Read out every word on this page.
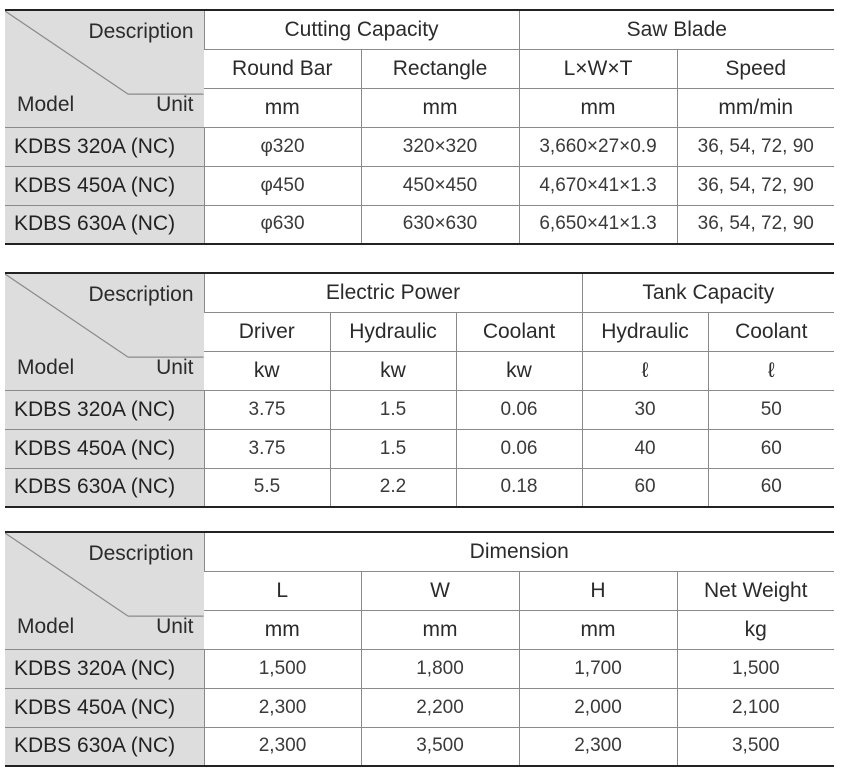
Description
Model Unit	Cutting Capacity		Saw Blade	
	Round Bar	Rectangle	L×W×T	Speed
	mm	mm	mm	mm/min
KDBS 320A (NC)	φ320	320×320	3,660×27×0.9	36, 54, 72, 90
KDBS 450A (NC)	φ450	450×450	4,670×41×1.3	36, 54, 72, 90
KDBS 630A (NC)	φ630	630×630	6,650×41×1.3	36, 54, 72, 90
Description
Model Unit	Electric Power			Tank Capacity	
	Driver	Hydraulic	Coolant	Hydraulic	Coolant
	kw	kw	kw	ℓ	ℓ
KDBS 320A (NC)	3.75	1.5	0.06	30	50
KDBS 450A (NC)	3.75	1.5	0.06	40	60
KDBS 630A (NC)	5.5	2.2	0.18	60	60
Description
Model Unit	Dimension			
	L	W	H	Net Weight
	mm	mm	mm	kg
KDBS 320A (NC)	1,500	1,800	1,700	1,500
KDBS 450A (NC)	2,300	2,200	2,000	2,100
KDBS 630A (NC)	2,300	3,500	2,300	3,500
